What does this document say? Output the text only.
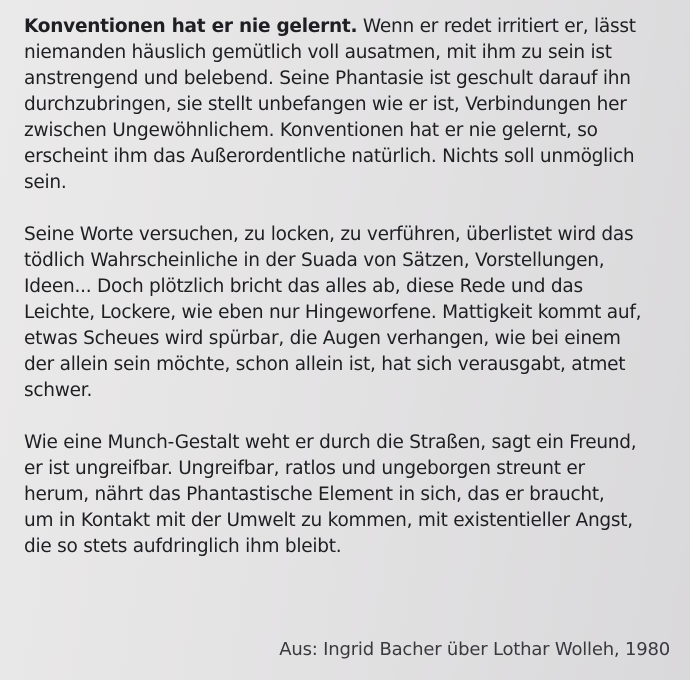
Konventionen hat er nie gelernt. Wenn er redet irritiert er, lässt
niemanden häuslich gemütlich voll ausatmen, mit ihm zu sein ist
anstrengend und belebend. Seine Phantasie ist geschult darauf ihn
durchzubringen, sie stellt unbefangen wie er ist, Verbindungen her
zwischen Ungewöhnlichem. Konventionen hat er nie gelernt, so
erscheint ihm das Außerordentliche natürlich. Nichts soll unmöglich
sein.

Seine Worte versuchen, zu locken, zu verführen, überlistet wird das
tödlich Wahrscheinliche in der Suada von Sätzen, Vorstellungen,
Ideen... Doch plötzlich bricht das alles ab, diese Rede und das
Leichte, Lockere, wie eben nur Hingeworfene. Mattigkeit kommt auf,
etwas Scheues wird spürbar, die Augen verhangen, wie bei einem
der allein sein möchte, schon allein ist, hat sich verausgabt, atmet
schwer.

Wie eine Munch-Gestalt weht er durch die Straßen, sagt ein Freund,
er ist ungreifbar. Ungreifbar, ratlos und ungeborgen streunt er
herum, nährt das Phantastische Element in sich, das er braucht,
um in Kontakt mit der Umwelt zu kommen, mit existentieller Angst,
die so stets aufdringlich ihm bleibt.

Aus: Ingrid Bacher über Lothar Wolleh, 1980
